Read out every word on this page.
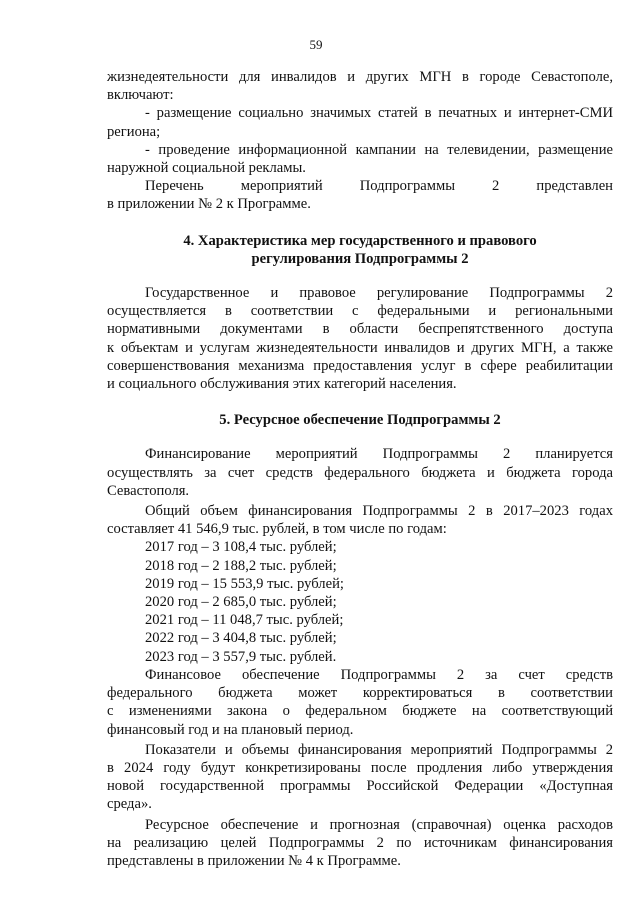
59

жизнедеятельности для инвалидов и других МГН в городе Севастополе,

включают:

- размещение социально значимых статей в печатных и интернет-СМИ

региона;

- проведение информационной кампании на телевидении, размещение

наружной социальной рекламы.

Перечень мероприятий Подпрограммы 2 представлен

в приложении № 2 к Программе.

4. Характеристика мер государственного и правового
регулирования Подпрограммы 2

Государственное и правовое регулирование Подпрограммы 2

осуществляется в соответствии с федеральными и региональными

нормативными документами в области беспрепятственного доступа

к объектам и услугам жизнедеятельности инвалидов и других МГН, а также

совершенствования механизма предоставления услуг в сфере реабилитации

и социального обслуживания этих категорий населения.

5. Ресурсное обеспечение Подпрограммы 2

Финансирование мероприятий Подпрограммы 2 планируется

осуществлять за счет средств федерального бюджета и бюджета города

Севастополя.

Общий объем финансирования Подпрограммы 2 в 2017–2023 годах

составляет 41 546,9 тыс. рублей, в том числе по годам:

2017 год – 3 108,4 тыс. рублей;

2018 год – 2 188,2 тыс. рублей;

2019 год – 15 553,9 тыс. рублей;

2020 год – 2 685,0 тыс. рублей;

2021 год – 11 048,7 тыс. рублей;

2022 год – 3 404,8 тыс. рублей;

2023 год – 3 557,9 тыс. рублей.

Финансовое обеспечение Подпрограммы 2 за счет средств

федерального бюджета может корректироваться в соответствии

с изменениями закона о федеральном бюджете на соответствующий

финансовый год и на плановый период.

Показатели и объемы финансирования мероприятий Подпрограммы 2

в 2024 году будут конкретизированы после продления либо утверждения

новой государственной программы Российской Федерации «Доступная

среда».

Ресурсное обеспечение и прогнозная (справочная) оценка расходов

на реализацию целей Подпрограммы 2 по источникам финансирования

представлены в приложении № 4 к Программе.
